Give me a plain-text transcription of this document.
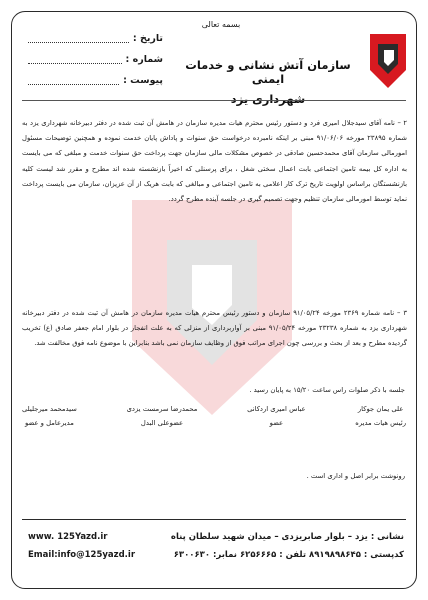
بسمه تعالی
تاریخ :
شماره :
پیوست :
سازمان آتش نشانی و خدمات ایمنی
شهرداری یزد
۲ – نامه آقای سیدجلال امیری فرد و دستور رئیس محترم هیات مدیره سازمان در هامش آن ثبت شده در دفتر دبیرخانه شهرداری یزد به شماره ۲۳۸۹۵ مورخه ۹۱/۰۶/۰۶ مبنی بر اینکه نامبرده درخواست حق سنوات و پاداش پایان خدمت نموده و همچنین توضیحات مسئول امورمالی سازمان آقای محمدحسین صادقی در خصوص مشکلات مالی سازمان جهت پرداخت حق سنوات خدمت و مبلغی که می بایست به اداره کل بیمه تامین اجتماعی بابت اعمال سختی شغل ، برای پرسنلی که اخیراً بازنشسته شده اند مطرح و مقرر شد لیست کلیه بازنشستگان براساس اولویت تاریخ ترک کار اعلامی به تامین اجتماعی و مبالغی که بابت هریک از آن عزیزان، سازمان می بایست پرداخت نماید توسط امورمالی سازمان تنظیم وجهت تصمیم گیری در جلسه آینده مطرح گردد.
۳ – نامه شماره ۲۳۶۹ مورخه ۹۱/۰۵/۲۴ سازمان و دستور رئیس محترم هیات مدیره سازمان در هامش آن ثبت شده در دفتر دبیرخانه شهرداری یزد به شماره ۲۳۲۳۸ مورخه ۹۱/۰۵/۲۴ مبنی بر آواربرداری از منزلی که به علت انفجار در بلوار امام جعفر صادق (ع) تخریب گردیده مطرح و بعد از بحث و بررسی چون اجرای مراتب فوق از وظایف سازمان نمی باشد بنابراین با موضوع نامه فوق مخالفت شد.
جلسه با ذکر صلوات راس ساعت ۱۵/۲۰ به پایان رسید .
علی یمان جوکار
رئیس هیات مدیره
عباس امیری اردکانی
عضو
محمدرضا سرمست یزدی
عضوعلی البدل
سیدمحمد میرجلیلی
مدیرعامل و عضو
رونوشت برابر اصل و اداری است .
نشانی : یزد – بلوار صابریزدی – میدان شهید سلطان پناه
کدپستی : ۸۹۱۹۸۹۸۶۴۵ تلفن : ۶۲۵۶۶۶۵ نمابر: ۶۳۰۰۶۳۰
www. 125Yazd.ir
Email:info@125yazd.ir
